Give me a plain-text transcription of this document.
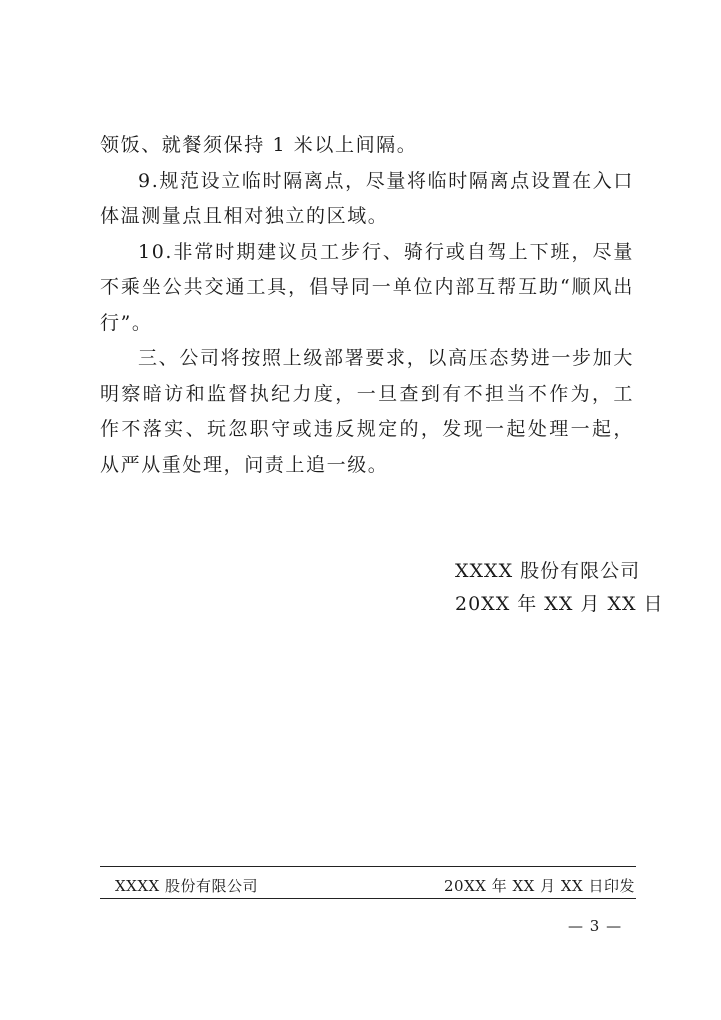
领饭、就餐须保持 1 米以上间隔。

9.规范设立临时隔离点，尽量将临时隔离点设置在入口体温测量点且相对独立的区域。

10.非常时期建议员工步行、骑行或自驾上下班，尽量不乘坐公共交通工具，倡导同一单位内部互帮互助“顺风出行”。

三、公司将按照上级部署要求，以高压态势进一步加大明察暗访和监督执纪力度，一旦查到有不担当不作为，工作不落实、玩忽职守或违反规定的，发现一起处理一起，从严从重处理，问责上追一级。

XXXX 股份有限公司
20XX 年 XX 月 XX 日
XXXX 股份有限公司	20XX 年 XX 月 XX 日印发
— 3 —
